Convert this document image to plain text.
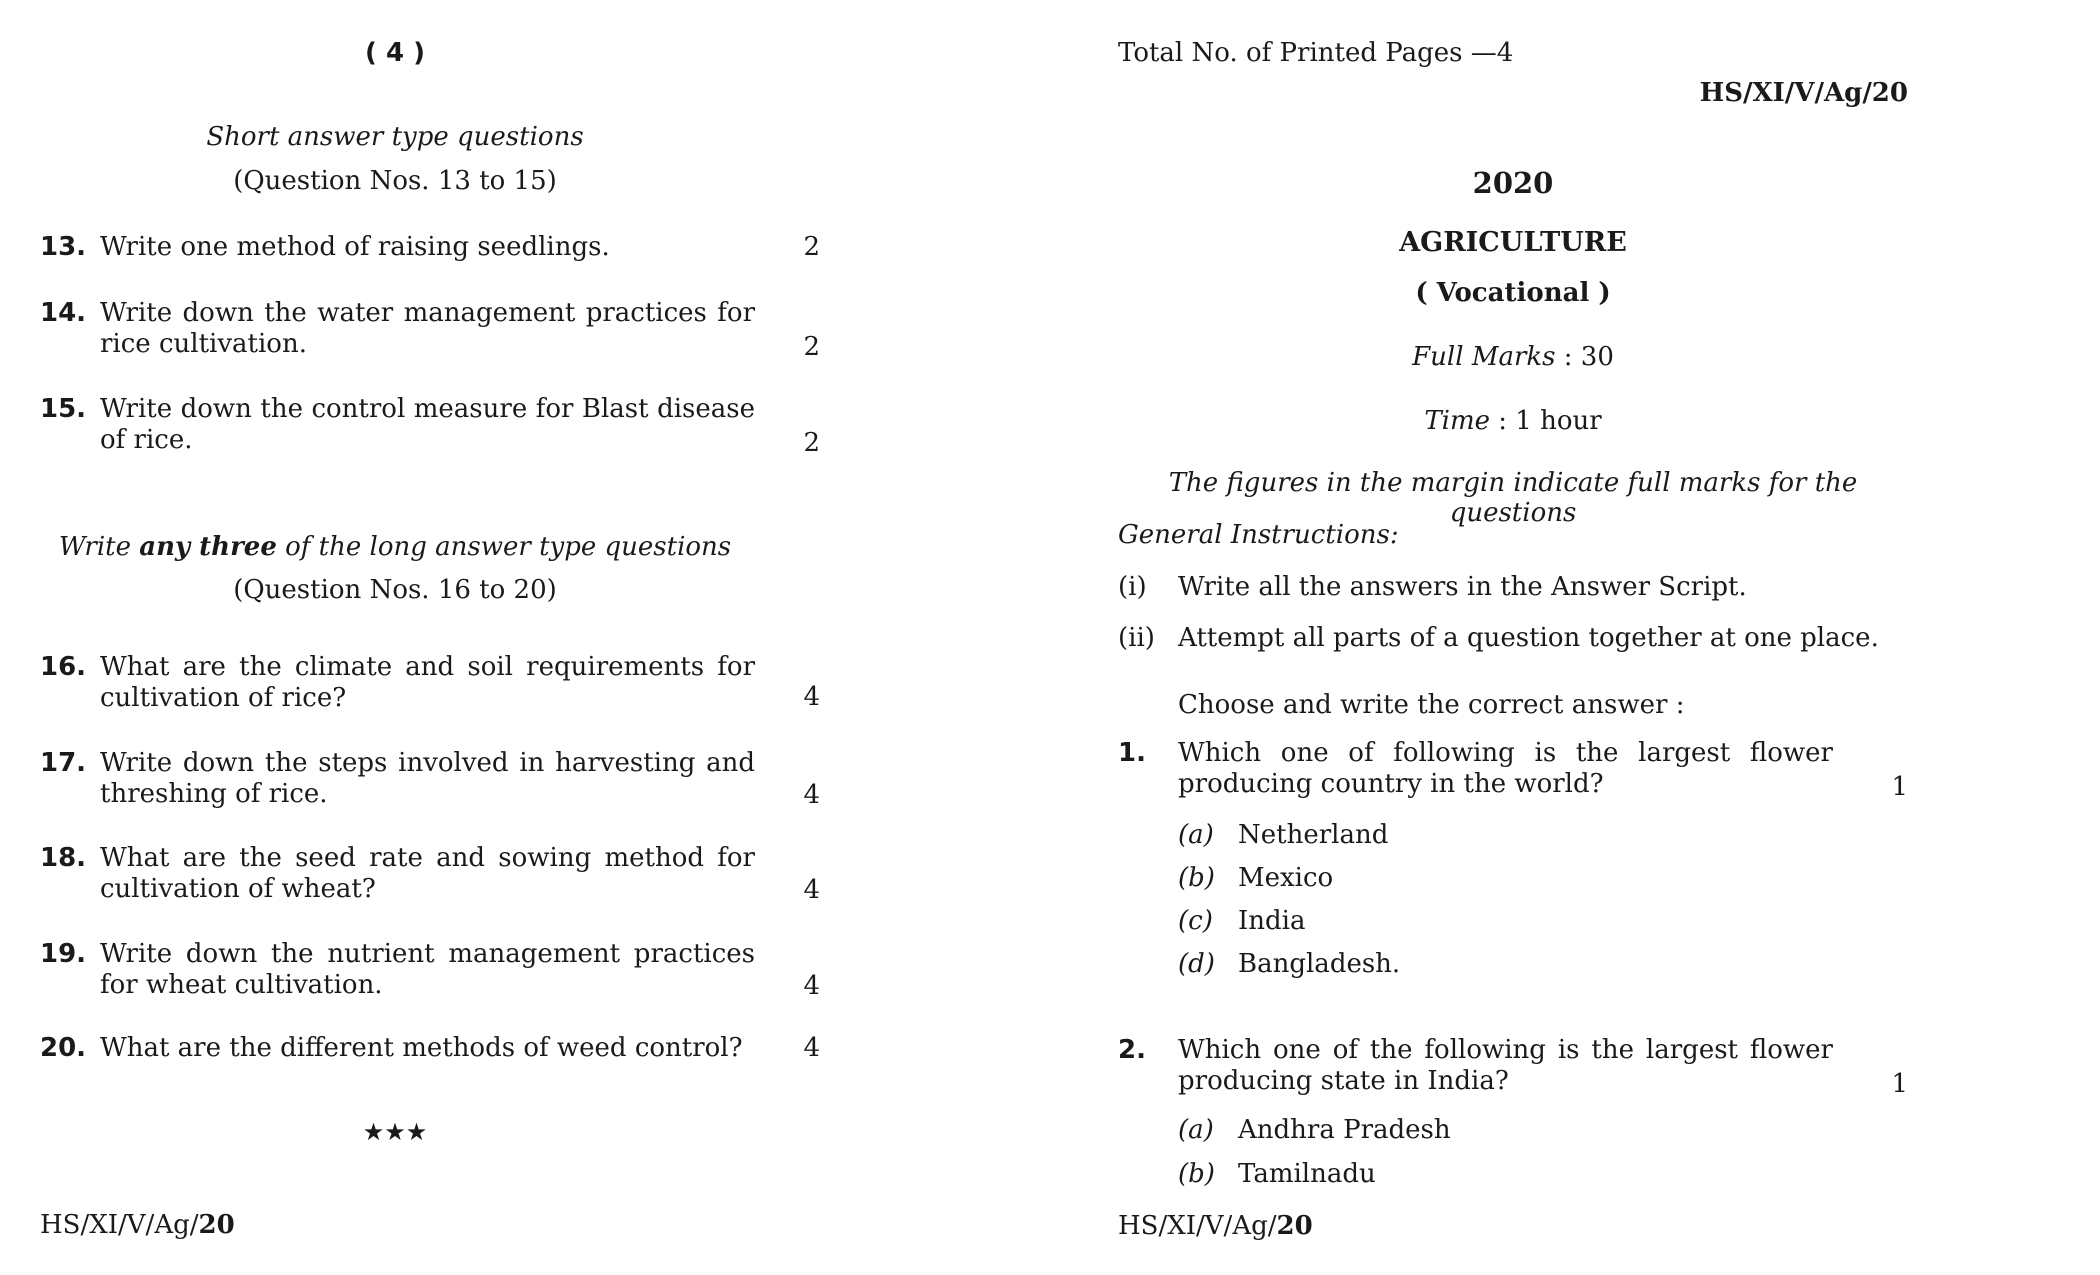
( 4 )
Short answer type questions
(Question Nos. 13 to 15)
13. Write one method of raising seedlings.	2
14. Write down the water management practices for rice cultivation.	2
15. Write down the control measure for Blast disease of rice.	2
Write any three of the long answer type questions
(Question Nos. 16 to 20)
16. What are the climate and soil requirements for cultivation of rice?	4
17. Write down the steps involved in harvesting and threshing of rice.	4
18. What are the seed rate and sowing method for cultivation of wheat?	4
19. Write down the nutrient management practices for wheat cultivation.	4
20. What are the different methods of weed control?	4
★★★
HS/XI/V/Ag/20
Total No. of Printed Pages —4
HS/XI/V/Ag/20
2020
AGRICULTURE
( Vocational )
Full Marks : 30
Time : 1 hour
The figures in the margin indicate full marks for the questions
General Instructions:
(i) Write all the answers in the Answer Script.
(ii) Attempt all parts of a question together at one place.
Choose and write the correct answer :
1. Which one of following is the largest flower producing country in the world?	1
(a) Netherland
(b) Mexico
(c) India
(d) Bangladesh.
2. Which one of the following is the largest flower producing state in India?	1
(a) Andhra Pradesh
(b) Tamilnadu
HS/XI/V/Ag/20
